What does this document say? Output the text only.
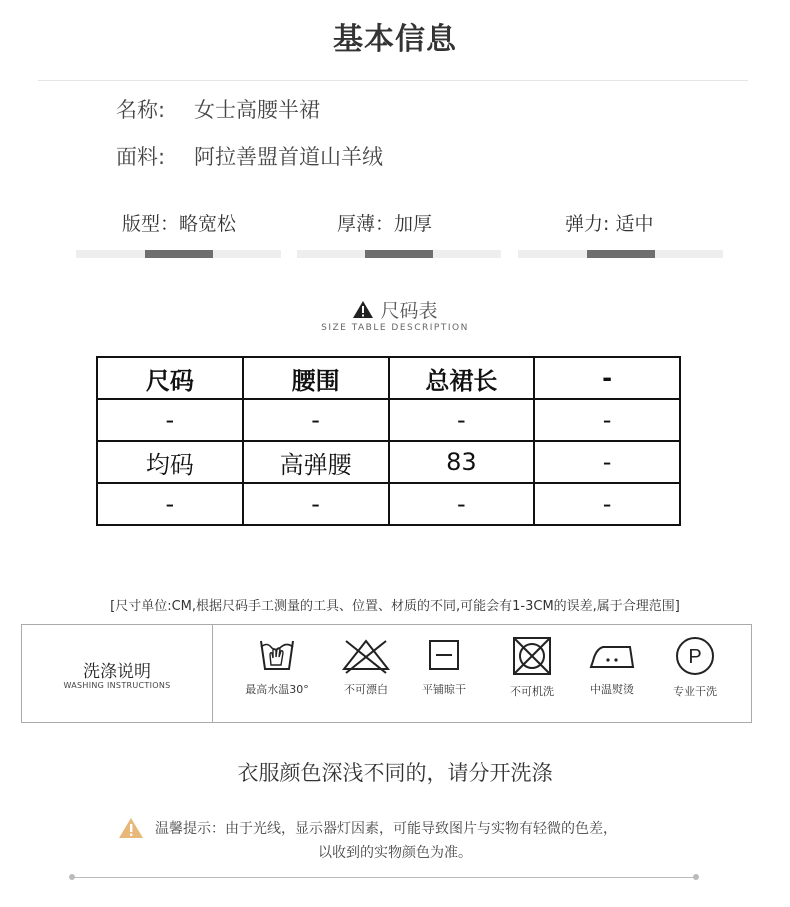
基本信息
名称: 女士高腰半裙
面料: 阿拉善盟首道山羊绒
版型：略宽松	厚薄：加厚	弹力: 适中
尺码表
SIZE TABLE DESCRIPTION
尺码	腰围	总裙长	-
-	-	-	-
均码	高弹腰	83	-
-	-	-	-
[尺寸单位:CM,根据尺码手工测量的工具、位置、材质的不同,可能会有1-3CM的误差,属于合理范围]
洗涤说明
WASHING INSTRUCTIONS	最高水温30°	不可漂白	平铺晾干	不可机洗	中温熨烫
P
专业干洗
衣服颜色深浅不同的，请分开洗涤
温馨提示：由于光线，显示器灯因素，可能导致图片与实物有轻微的色差，
以收到的实物颜色为准。
